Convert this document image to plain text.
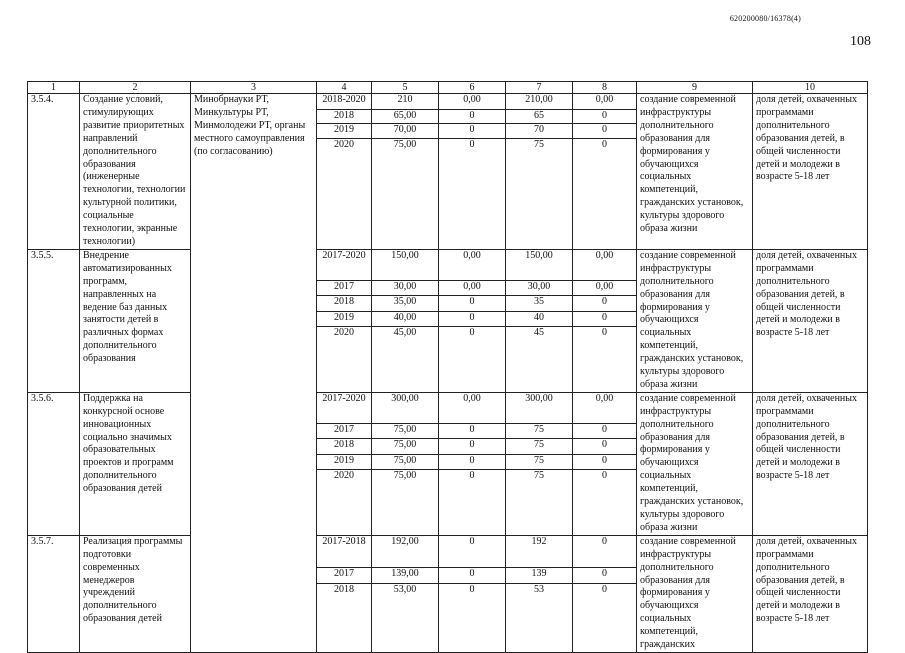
620200080/16378(4)
108
1	2	3	4	5	6	7	8	9	10
3.5.4.	Создание условий, стимулирующих развитие приоритетных направлений дополнительного образования (инженерные технологии, технологии культурной политики, социальные технологии, экранные технологии)	Минобрнауки РТ, Минкультуры РТ, Минмолодежи РТ, органы местного самоуправления (по согласованию)	2018-2020	210	0,00	210,00	0,00	создание современной инфраструктуры дополнительного образования для формирования у обучающихся социальных компетенций, гражданских установок, культуры здорового образа жизни	доля детей, охваченных программами дополнительного образования детей, в общей численности детей и молодежи в возрасте 5-18 лет
			2018	65,00	0	65	0		
			2019	70,00	0	70	0		
			2020	75,00	0	75	0		
3.5.5.	Внедрение автоматизированных программ, направленных на ведение баз данных занятости детей в различных формах дополнительного образования		2017-2020	150,00	0,00	150,00	0,00	создание современной инфраструктуры дополнительного образования для формирования у обучающихся социальных компетенций, гражданских установок, культуры здорового образа жизни	доля детей, охваченных программами дополнительного образования детей, в общей численности детей и молодежи в возрасте 5-18 лет
			2017	30,00	0,00	30,00	0,00		
			2018	35,00	0	35	0		
			2019	40,00	0	40	0		
			2020	45,00	0	45	0		
3.5.6.	Поддержка на конкурсной основе инновационных социально значимых образовательных проектов и программ дополнительного образования детей		2017-2020	300,00	0,00	300,00	0,00	создание современной инфраструктуры дополнительного образования для формирования у обучающихся социальных компетенций, гражданских установок, культуры здорового образа жизни	доля детей, охваченных программами дополнительного образования детей, в общей численности детей и молодежи в возрасте 5-18 лет
			2017	75,00	0	75	0		
			2018	75,00	0	75	0		
			2019	75,00	0	75	0		
			2020	75,00	0	75	0		
3.5.7.	Реализация программы подготовки современных менеджеров учреждений дополнительного образования детей		2017-2018	192,00	0	192	0	создание современной инфраструктуры дополнительного образования для формирования у обучающихся социальных компетенций, гражданских	доля детей, охваченных программами дополнительного образования детей, в общей численности детей и молодежи в возрасте 5-18 лет
			2017	139,00	0	139	0		
			2018	53,00	0	53	0		
